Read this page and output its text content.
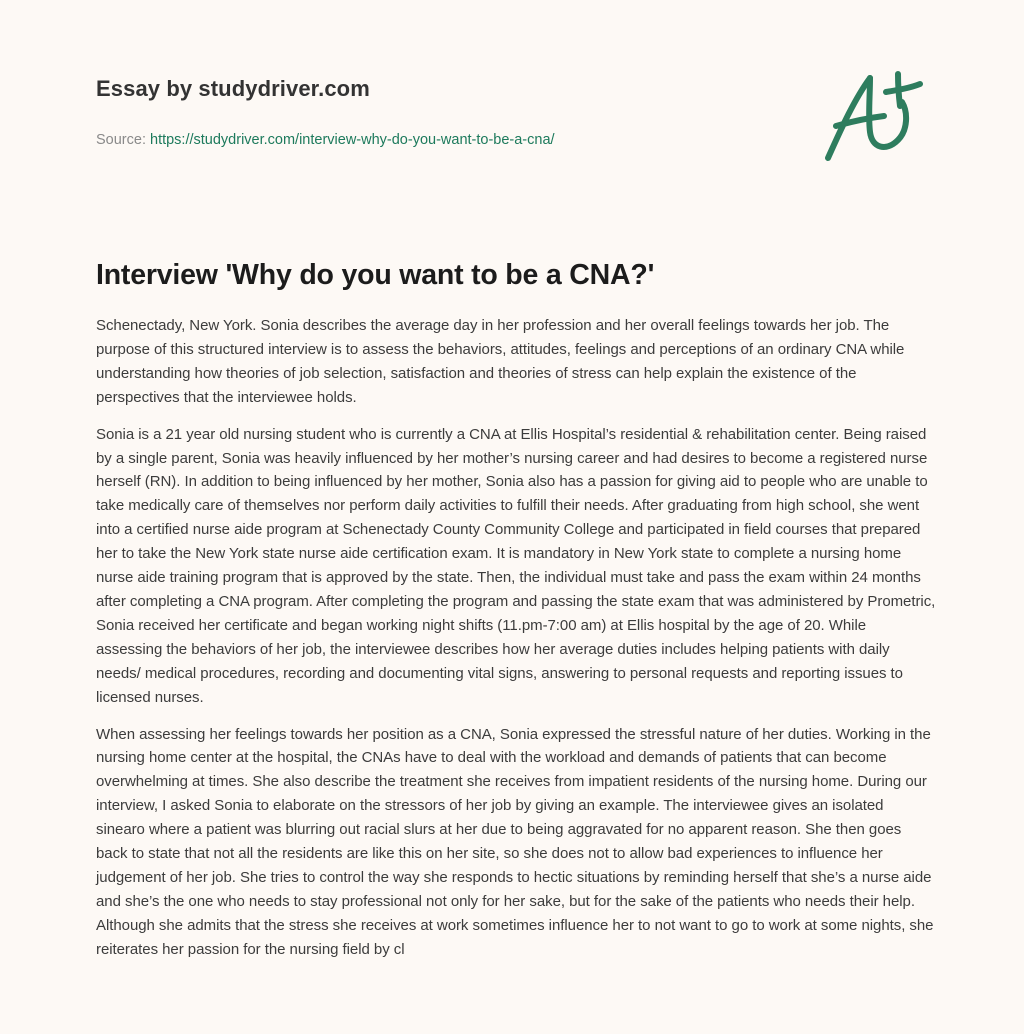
Essay by studydriver.com
Source: https://studydriver.com/interview-why-do-you-want-to-be-a-cna/
Interview 'Why do you want to be a CNA?'

Schenectady, New York. Sonia describes the average day in her profession and her overall feelings towards her job. The purpose of this structured interview is to assess the behaviors, attitudes, feelings and perceptions of an ordinary CNA while understanding how theories of job selection, satisfaction and theories of stress can help explain the existence of the perspectives that the interviewee holds.

Sonia is a 21 year old nursing student who is currently a CNA at Ellis Hospital’s residential & rehabilitation center. Being raised by a single parent, Sonia was heavily influenced by her mother’s nursing career and had desires to become a registered nurse herself (RN). In addition to being influenced by her mother, Sonia also has a passion for giving aid to people who are unable to take medically care of themselves nor perform daily activities to fulfill their needs. After graduating from high school, she went into a certified nurse aide program at Schenectady County Community College and participated in field courses that prepared her to take the New York state nurse aide certification exam. It is mandatory in New York state to complete a nursing home nurse aide training program that is approved by the state. Then, the individual must take and pass the exam within 24 months after completing a CNA program. After completing the program and passing the state exam that was administered by Prometric, Sonia received her certificate and began working night shifts (11.pm-7:00 am) at Ellis hospital by the age of 20. While assessing the behaviors of her job, the interviewee describes how her average duties includes helping patients with daily needs/ medical procedures, recording and documenting vital signs, answering to personal requests and reporting issues to licensed nurses.

When assessing her feelings towards her position as a CNA, Sonia expressed the stressful nature of her duties. Working in the nursing home center at the hospital, the CNAs have to deal with the workload and demands of patients that can become overwhelming at times. She also describe the treatment she receives from impatient residents of the nursing home. During our interview, I asked Sonia to elaborate on the stressors of her job by giving an example. The interviewee gives an isolated sinearo where a patient was blurring out racial slurs at her due to being aggravated for no apparent reason. She then goes back to state that not all the residents are like this on her site, so she does not to allow bad experiences to influence her judgement of her job. She tries to control the way she responds to hectic situations by reminding herself that she’s a nurse aide and she’s the one who needs to stay professional not only for her sake, but for the sake of the patients who needs their help. Although she admits that the stress she receives at work sometimes influence her to not want to go to work at some nights, she reiterates her passion for the nursing field by cl
